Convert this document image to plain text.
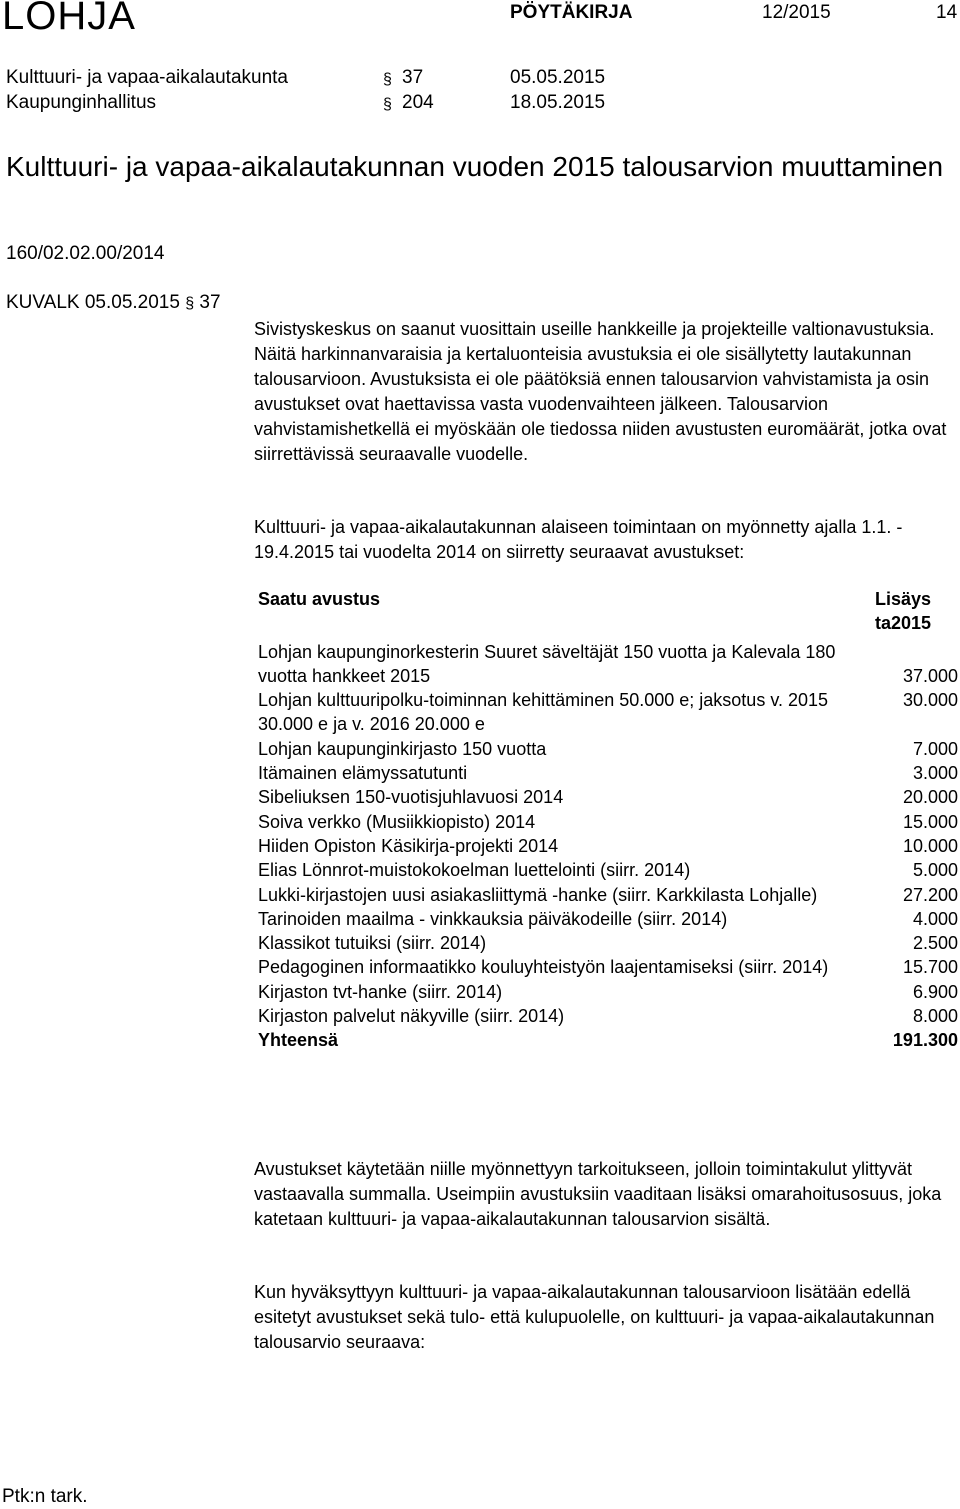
LOHJA	PÖYTÄKIRJA	12/2015	14
Kulttuuri- ja vapaa-aikalautakunta	§ 37	05.05.2015
Kaupunginhallitus	§ 204	18.05.2015
Kulttuuri- ja vapaa-aikalautakunnan vuoden 2015 talousarvion muuttaminen
160/02.02.00/2014
KUVALK 05.05.2015 § 37
Sivistyskeskus on saanut vuosittain useille hankkeille ja projekteille valtionavustuksia. Näitä harkinnanvaraisia ja kertaluonteisia avustuksia ei ole sisällytetty lautakunnan talousarvioon. Avustuksista ei ole päätöksiä ennen talousarvion vahvistamista ja osin avustukset ovat haettavissa vasta vuodenvaihteen jälkeen. Talousarvion vahvistamishetkellä ei myöskään ole tiedossa niiden avustusten euromäärät, jotka ovat siirrettävissä seuraavalle vuodelle.
Kulttuuri- ja vapaa-aikalautakunnan alaiseen toimintaan on myönnetty ajalla 1.1. - 19.4.2015 tai vuodelta 2014 on siirretty seuraavat avustukset:
Saatu avustus	Lisäys
ta2015
Lohjan kaupunginorkesterin Suuret säveltäjät 150 vuotta ja Kalevala 180 vuotta hankkeet 2015	37.000
Lohjan kulttuuripolku-toiminnan kehittäminen 50.000 e; jaksotus v. 2015 30.000 e ja v. 2016 20.000 e	30.000
Lohjan kaupunginkirjasto 150 vuotta	7.000
Itämainen elämyssatutunti	3.000
Sibeliuksen 150-vuotisjuhlavuosi 2014	20.000
Soiva verkko (Musiikkiopisto) 2014	15.000
Hiiden Opiston Käsikirja-projekti 2014	10.000
Elias Lönnrot-muistokokoelman luettelointi (siirr. 2014)	5.000
Lukki-kirjastojen uusi asiakasliittymä -hanke (siirr. Karkkilasta Lohjalle)	27.200
Tarinoiden maailma - vinkkauksia päiväkodeille (siirr. 2014)	4.000
Klassikot tutuiksi (siirr. 2014)	2.500
Pedagoginen informaatikko kouluyhteistyön laajentamiseksi (siirr. 2014)	15.700
Kirjaston tvt-hanke (siirr. 2014)	6.900
Kirjaston palvelut näkyville (siirr. 2014)	8.000
Yhteensä	191.300
Avustukset käytetään niille myönnettyyn tarkoitukseen, jolloin toimintakulut ylittyvät vastaavalla summalla. Useimpiin avustuksiin vaaditaan lisäksi omarahoitusosuus, joka katetaan kulttuuri- ja vapaa-aikalautakunnan talousarvion sisältä.
Kun hyväksyttyyn kulttuuri- ja vapaa-aikalautakunnan talousarvioon lisätään edellä esitetyt avustukset sekä tulo- että kulupuolelle, on kulttuuri- ja vapaa-aikalautakunnan talousarvio seuraava:
Ptk:n tark.
